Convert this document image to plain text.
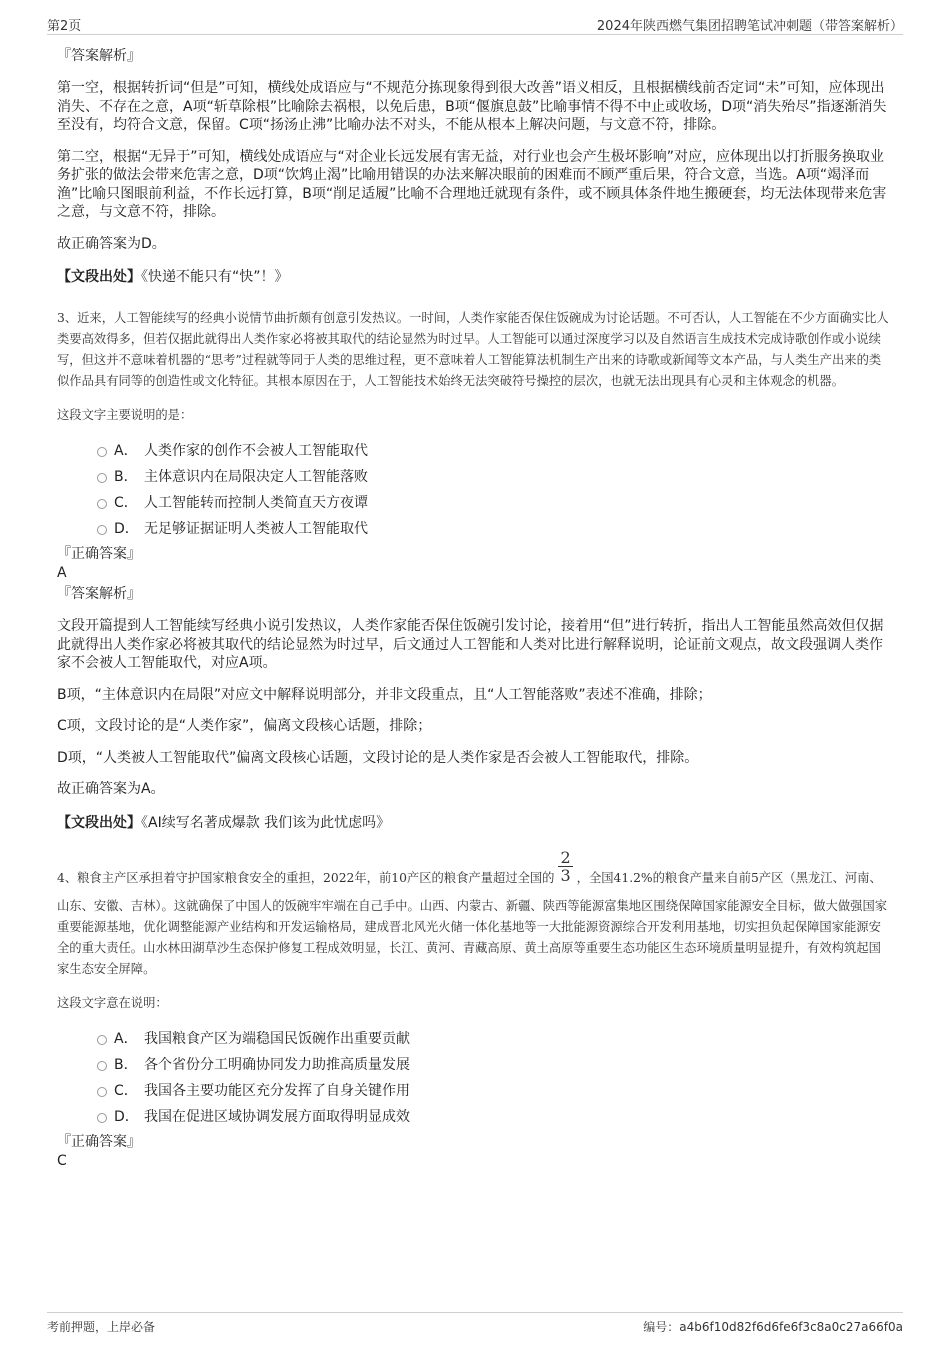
第2页	2024年陕西燃气集团招聘笔试冲刺题（带答案解析）

『答案解析』

第一空，根据转折词“但是”可知，横线处成语应与“不规范分拣现象得到很大改善”语义相反，且根据横线前否定词“未”可知，应体现出消失、不存在之意，A项“斩草除根”比喻除去祸根，以免后患，B项“偃旗息鼓”比喻事情不得不中止或收场，D项“消失殆尽”指逐渐消失至没有，均符合文意，保留。C项“扬汤止沸”比喻办法不对头，不能从根本上解决问题，与文意不符，排除。

第二空，根据“无异于”可知，横线处成语应与“对企业长远发展有害无益，对行业也会产生极坏影响”对应，应体现出以打折服务换取业务扩张的做法会带来危害之意，D项“饮鸩止渴”比喻用错误的办法来解决眼前的困难而不顾严重后果，符合文意，当选。A项“竭泽而渔”比喻只图眼前利益，不作长远打算，B项“削足适履”比喻不合理地迁就现有条件，或不顾具体条件地生搬硬套，均无法体现带来危害之意，与文意不符，排除。

故正确答案为D。

【文段出处】《快递不能只有“快”！》

3、近来，人工智能续写的经典小说情节曲折颇有创意引发热议。一时间，人类作家能否保住饭碗成为讨论话题。不可否认，人工智能在不少方面确实比人类要高效得多，但若仅据此就得出人类作家必将被其取代的结论显然为时过早。人工智能可以通过深度学习以及自然语言生成技术完成诗歌创作或小说续写，但这并不意味着机器的“思考”过程就等同于人类的思维过程，更不意味着人工智能算法机制生产出来的诗歌或新闻等文本产品，与人类生产出来的类似作品具有同等的创造性或文化特征。其根本原因在于，人工智能技术始终无法突破符号操控的层次，也就无法出现具有心灵和主体观念的机器。

这段文字主要说明的是：

A． 人类作家的创作不会被人工智能取代
B． 主体意识内在局限决定人工智能落败
C． 人工智能转而控制人类简直天方夜谭
D． 无足够证据证明人类被人工智能取代

『正确答案』

A

『答案解析』

文段开篇提到人工智能续写经典小说引发热议，人类作家能否保住饭碗引发讨论，接着用“但”进行转折，指出人工智能虽然高效但仅据此就得出人类作家必将被其取代的结论显然为时过早，后文通过人工智能和人类对比进行解释说明，论证前文观点，故文段强调人类作家不会被人工智能取代，对应A项。

B项，“主体意识内在局限”对应文中解释说明部分，并非文段重点，且“人工智能落败”表述不准确，排除；

C项，文段讨论的是“人类作家”，偏离文段核心话题，排除；

D项，“人类被人工智能取代”偏离文段核心话题，文段讨论的是人类作家是否会被人工智能取代，排除。

故正确答案为A。

【文段出处】《AI续写名著成爆款 我们该为此忧虑吗》

4、粮食主产区承担着守护国家粮食安全的重担，2022年，前10产区的粮食产量超过全国的 $\frac{2}{3}$ ，全国41.2%的粮食产量来自前5产区（黑龙江、河南、山东、安徽、吉林）。这就确保了中国人的饭碗牢牢端在自己手中。山西、内蒙古、新疆、陕西等能源富集地区围绕保障国家能源安全目标，做大做强国家重要能源基地，优化调整能源产业结构和开发运输格局，建成晋北风光火储一体化基地等一大批能源资源综合开发利用基地，切实担负起保障国家能源安全的重大责任。山水林田湖草沙生态保护修复工程成效明显，长江、黄河、青藏高原、黄土高原等重要生态功能区生态环境质量明显提升，有效构筑起国家生态安全屏障。

这段文字意在说明：

A． 我国粮食产区为端稳国民饭碗作出重要贡献
B． 各个省份分工明确协同发力助推高质量发展
C． 我国各主要功能区充分发挥了自身关键作用
D． 我国在促进区域协调发展方面取得明显成效

『正确答案』

C

考前押题，上岸必备	编号：a4b6f10d82f6d6fe6f3c8a0c27a66f0a
